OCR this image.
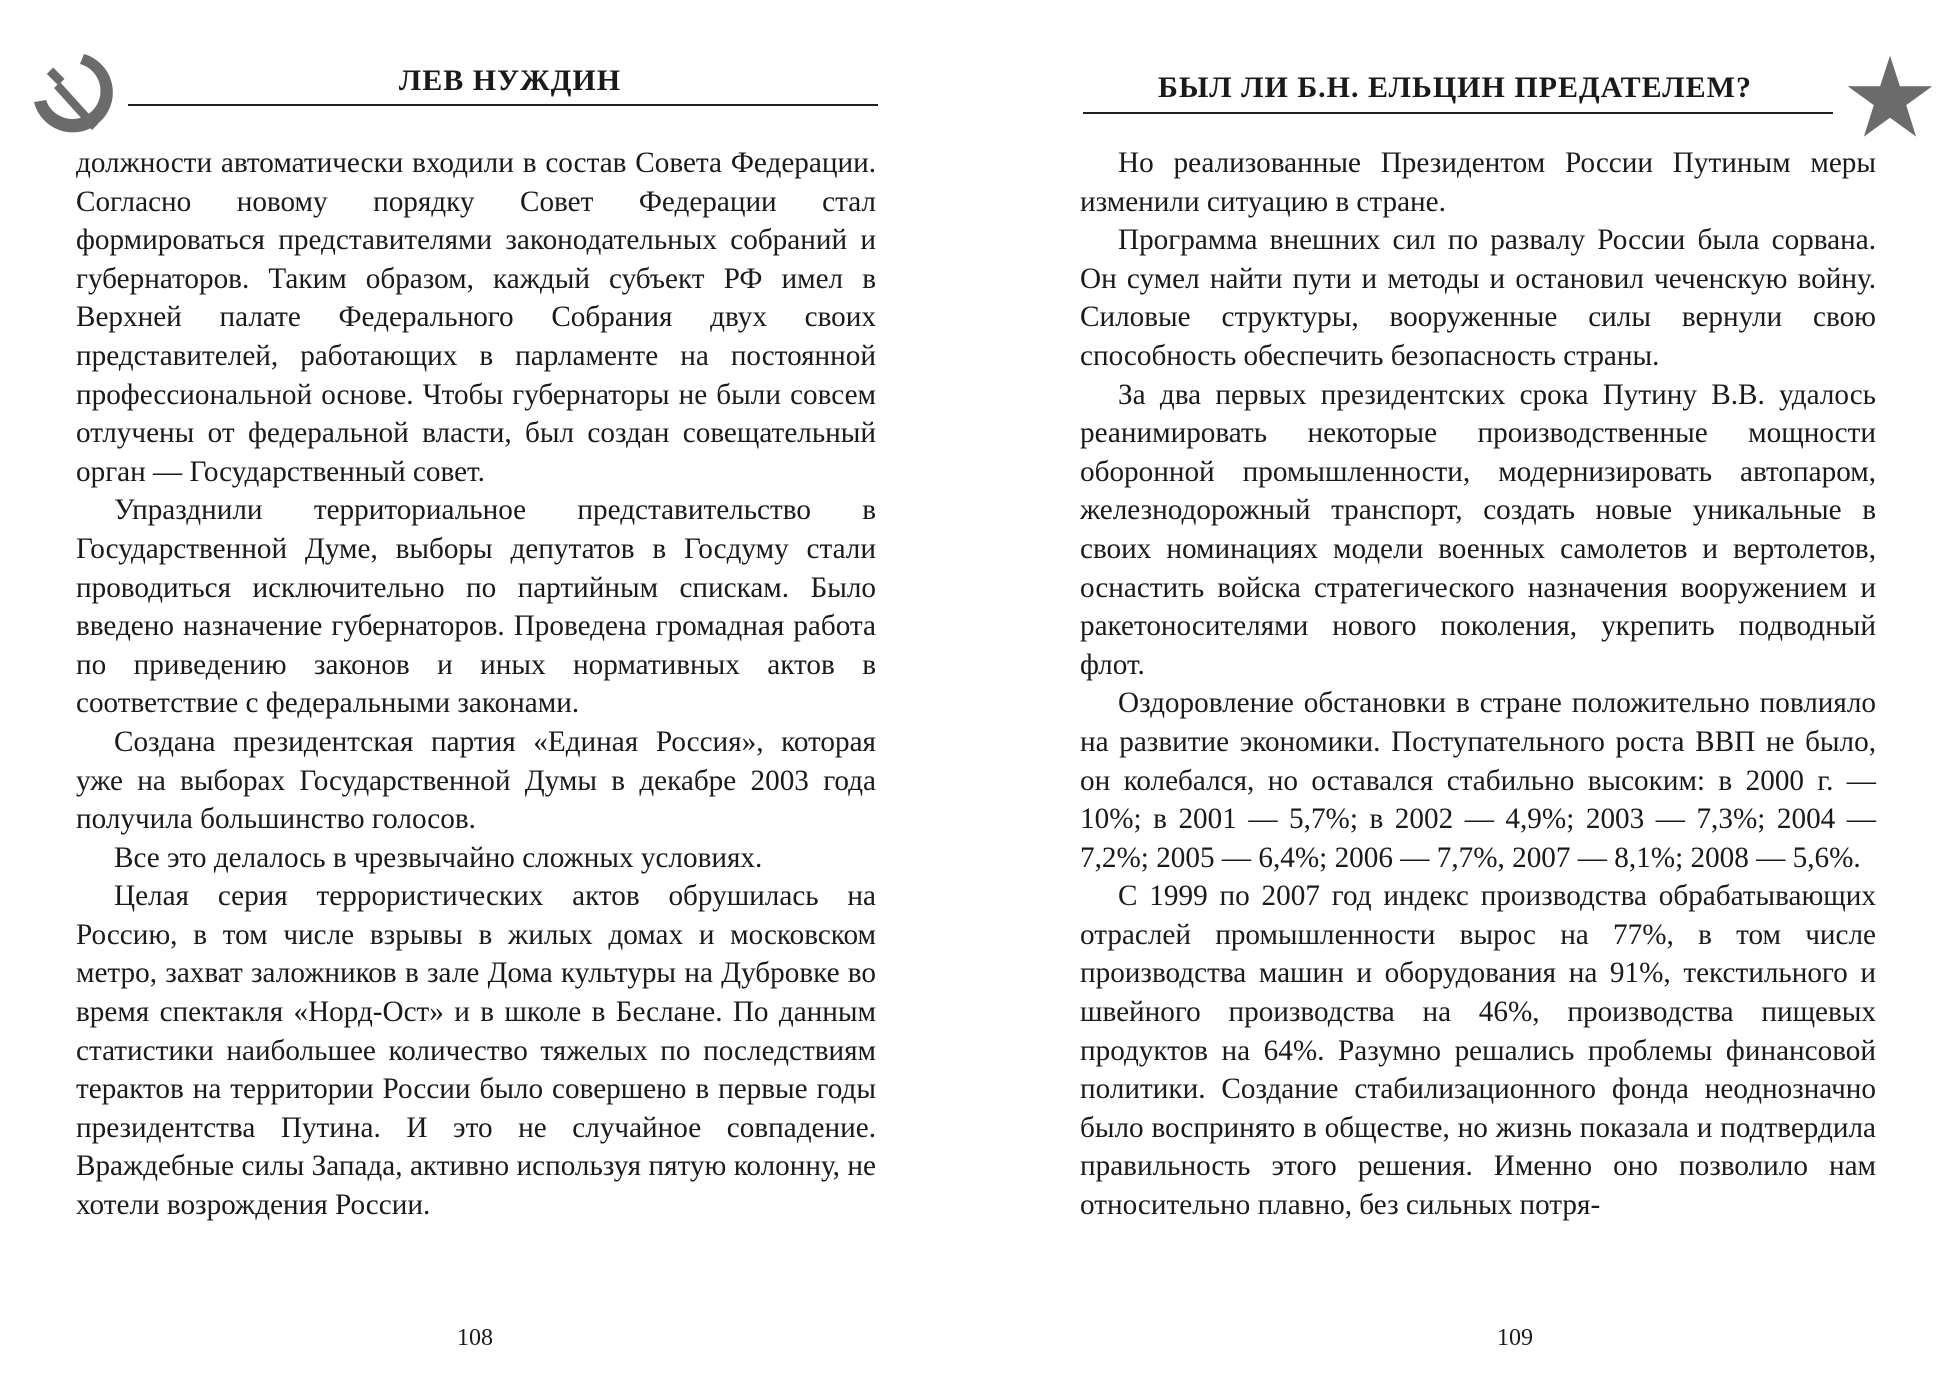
ЛЕВ НУЖДИН

должности автоматически входили в состав Совета Федерации. Согласно новому порядку Совет Федерации стал формироваться представителями законодательных собраний и губернаторов. Таким образом, каждый субъект РФ имел в Верхней палате Федерального Собрания двух своих представителей, работающих в парламенте на постоянной профессиональной основе. Чтобы губернаторы не были совсем отлучены от федеральной власти, был создан совещательный орган — Государственный совет.

Упразднили территориальное представительство в Государственной Думе, выборы депутатов в Госдуму стали проводиться исключительно по партийным спискам. Было введено назначение губернаторов. Проведена громадная работа по приведению законов и иных нормативных актов в соответствие с федеральными законами.

Создана президентская партия «Единая Россия», которая уже на выборах Государственной Думы в декабре 2003 года получила большинство голосов.

Все это делалось в чрезвычайно сложных условиях.

Целая серия террористических актов обрушилась на Россию, в том числе взрывы в жилых домах и московском метро, захват заложников в зале Дома культуры на Дубровке во время спектакля «Норд-Ост» и в школе в Беслане. По данным статистики наибольшее количество тяжелых по последствиям терактов на территории России было совершено в первые годы президентства Путина. И это не случайное совпадение. Враждебные силы Запада, активно используя пятую колонну, не хотели возрождения России.

108
БЫЛ ЛИ Б.Н. ЕЛЬЦИН ПРЕДАТЕЛЕМ?

Но реализованные Президентом России Путиным меры изменили ситуацию в стране.

Программа внешних сил по развалу России была сорвана. Он сумел найти пути и методы и остановил чеченскую войну. Силовые структуры, вооруженные силы вернули свою способность обеспечить безопасность страны.

За два первых президентских срока Путину В.В. удалось реанимировать некоторые производственные мощности оборонной промышленности, модернизировать автопаром, железнодорожный транспорт, создать новые уникальные в своих номинациях модели военных самолетов и вертолетов, оснастить войска стратегического назначения вооружением и ракетоносителями нового поколения, укрепить подводный флот.

Оздоровление обстановки в стране положительно повлияло на развитие экономики. Поступательного роста ВВП не было, он колебался, но оставался стабильно высоким: в 2000 г. — 10%; в 2001 — 5,7%; в 2002 — 4,9%; 2003 — 7,3%; 2004 — 7,2%; 2005 — 6,4%; 2006 — 7,7%, 2007 — 8,1%; 2008 — 5,6%.

С 1999 по 2007 год индекс производства обрабатывающих отраслей промышленности вырос на 77%, в том числе производства машин и оборудования на 91%, текстильного и швейного производства на 46%, производства пищевых продуктов на 64%. Разумно решались проблемы финансовой политики. Создание стабилизационного фонда неоднозначно было воспринято в обществе, но жизнь показала и подтвердила правильность этого решения. Именно оно позволило нам относительно плавно, без сильных потря-

109
